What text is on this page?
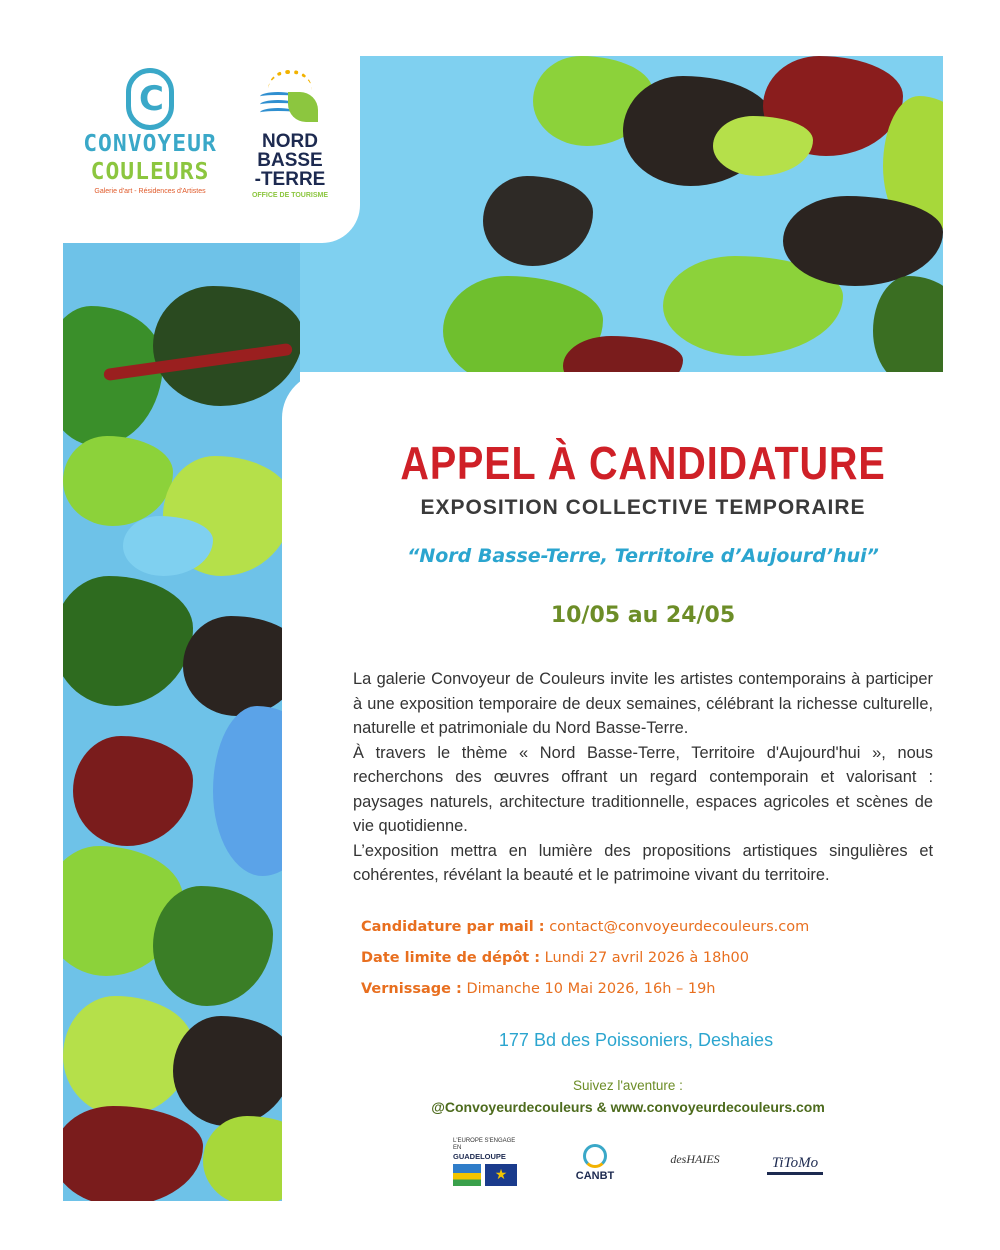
C
CONVOYEUR
COULEURS
Galerie d'art - Résidences d'Artistes
NORD
BASSE
-TERRE
OFFICE DE TOURISME
APPEL À CANDIDATURE
EXPOSITION COLLECTIVE TEMPORAIRE
“Nord Basse-Terre, Territoire d’Aujourd’hui”
10/05 au 24/05

La galerie Convoyeur de Couleurs invite les artistes contemporains à participer à une exposition temporaire de deux semaines, célébrant la richesse culturelle, naturelle et patrimoniale du Nord Basse-Terre.

À travers le thème « Nord Basse-Terre, Territoire d'Aujourd'hui », nous recherchons des œuvres offrant un regard contemporain et valorisant : paysages naturels, architecture traditionnelle, espaces agricoles et scènes de vie quotidienne.

L’exposition mettra en lumière des propositions artistiques singulières et cohérentes, révélant la beauté et le patrimoine vivant du territoire.

Candidature par mail : contact@convoyeurdecouleurs.com
Date limite de dépôt : Lundi 27 avril 2026 à 18h00
Vernissage : Dimanche 10 Mai 2026, 16h – 19h
177 Bd des Poissoniers, Deshaies
Suivez l'aventure :
@Convoyeurdecouleurs & www.convoyeurdecouleurs.com
L'EUROPE S'ENGAGE EN
GUADELOUPE
★	CANBT
desHAIES	TiToMo
